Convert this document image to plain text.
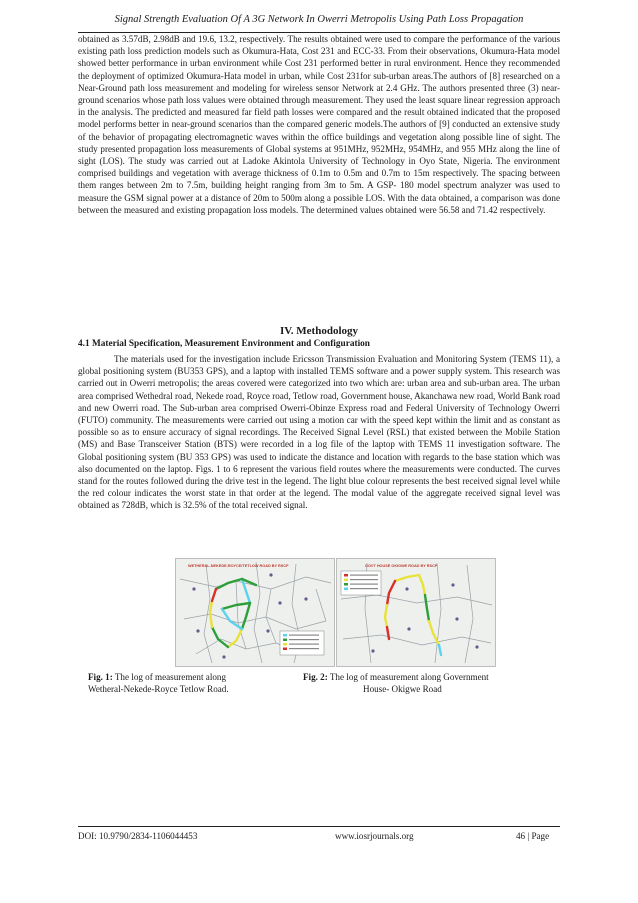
Signal Strength Evaluation Of A 3G Network In Owerri Metropolis Using Path Loss Propagation

obtained as 3.57dB, 2.98dB and 19.6, 13.2, respectively. The results obtained were used to compare the performance of the various existing path loss prediction models such as Okumura-Hata, Cost 231 and ECC-33. From their observations, Okumura-Hata model showed better performance in urban environment while Cost 231 performed better in rural environment. Hence they recommended the deployment of optimized Okumura-Hata model in urban, while Cost 231for sub-urban areas.The authors of [8] researched on a Near-Ground path loss measurement and modeling for wireless sensor Network at 2.4 GHz. The authors presented three (3) near-ground scenarios whose path loss values were obtained through measurement. They used the least square linear regression approach in the analysis. The predicted and measured far field path losses were compared and the result obtained indicated that the proposed model performs better in near-ground scenarios than the compared generic models.The authors of [9] conducted an extensive study of the behavior of propagating electromagnetic waves within the office buildings and vegetation along possible line of sight. The study presented propagation loss measurements of Global systems at 951MHz, 952MHz, 954MHz, and 955 MHz along the line of sight (LOS). The study was carried out at Ladoke Akintola University of Technology in Oyo State, Nigeria. The environment comprised buildings and vegetation with average thickness of 0.1m to 0.5m and 0.7m to 15m respectively. The spacing between them ranges between 2m to 7.5m, building height ranging from 3m to 5m. A GSP- 180 model spectrum analyzer was used to measure the GSM signal power at a distance of 20m to 500m along a possible LOS. With the data obtained, a comparison was done between the measured and existing propagation loss models. The determined values obtained were 56.58 and 71.42 respectively.

IV. Methodology
4.1 Material Specification, Measurement Environment and Configuration

The materials used for the investigation include Ericsson Transmission Evaluation and Monitoring System (TEMS 11), a global positioning system (BU353 GPS), and a laptop with installed TEMS software and a power supply system. This research was carried out in Owerri metropolis; the areas covered were categorized into two which are: urban area and sub-urban area. The urban area comprised Wethedral road, Nekede road, Royce road, Tetlow road, Government house, Akanchawa new road, World Bank road and new Owerri road. The Sub-urban area comprised Owerri-Obinze Express road and Federal University of Technology Owerri (FUTO) community. The measurements were carried out using a motion car with the speed kept within the limit and as constant as possible so as to ensure accuracy of signal recordings. The Received Signal Level (RSL) that existed between the Mobile Station (MS) and Base Transceiver Station (BTS) were recorded in a log file of the laptop with TEMS 11 investigation software. The Global positioning system (BU 353 GPS) was used to indicate the distance and location with regards to the base station which was also documented on the laptop. Figs. 1 to 6 represent the various field routes where the measurements were conducted. The curves stand for the routes followed during the drive test in the legend. The light blue colour represents the best received signal level while the red colour indicates the worst state in that order at the legend. The modal value of the aggregate received signal level was obtained as 728dB, which is 32.5% of the total received signal.

WETHERAL-NEKEDE-ROYCE/TETLOW ROAD BY RSCP	GOVT HOUSE OKIGWE ROAD BY RSCP
Fig. 1: The log of measurement along
Wetheral-Nekede-Royce Tetlow Road.
Fig. 2: The log of measurement along Government
House- Okigwe Road
DOI: 10.9790/2834-1106044453	www.iosrjournals.org	46 | Page
